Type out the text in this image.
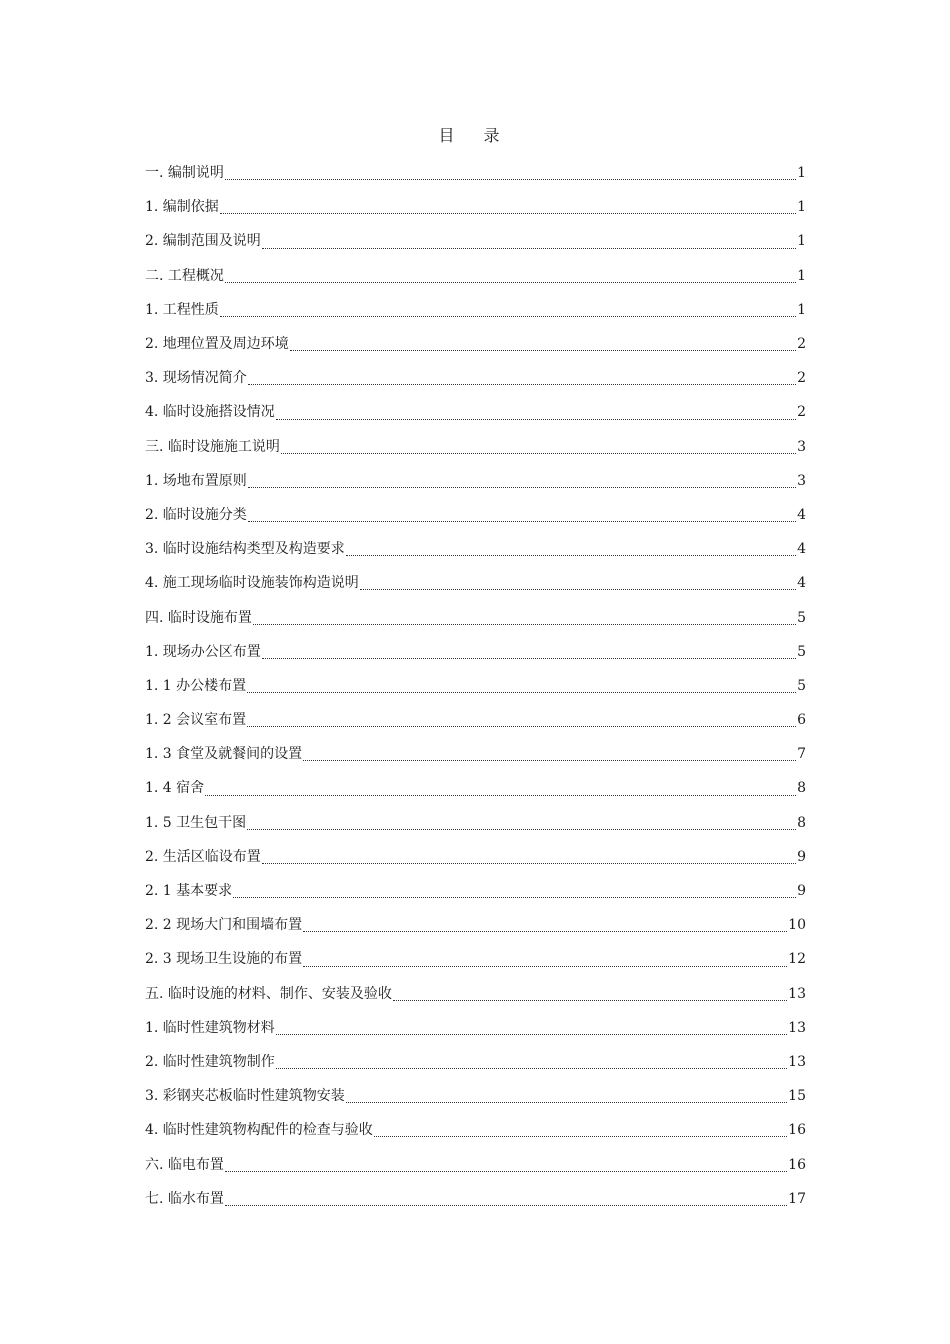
目 录
一. 编制说明	1
1. 编制依据	1
2. 编制范围及说明	1
二. 工程概况	1
1. 工程性质	1
2. 地理位置及周边环境	2
3. 现场情况简介	2
4. 临时设施搭设情况	2
三. 临时设施施工说明	3
1. 场地布置原则	3
2. 临时设施分类	4
3. 临时设施结构类型及构造要求	4
4. 施工现场临时设施装饰构造说明	4
四. 临时设施布置	5
1. 现场办公区布置	5
1. 1 办公楼布置	5
1. 2 会议室布置	6
1. 3 食堂及就餐间的设置	7
1. 4 宿舍	8
1. 5 卫生包干图	8
2. 生活区临设布置	9
2. 1 基本要求	9
2. 2 现场大门和围墙布置	10
2. 3 现场卫生设施的布置	12
五. 临时设施的材料、制作、安装及验收	13
1. 临时性建筑物材料	13
2. 临时性建筑物制作	13
3. 彩钢夹芯板临时性建筑物安装	15
4. 临时性建筑物构配件的检查与验收	16
六. 临电布置	16
七. 临水布置	17
